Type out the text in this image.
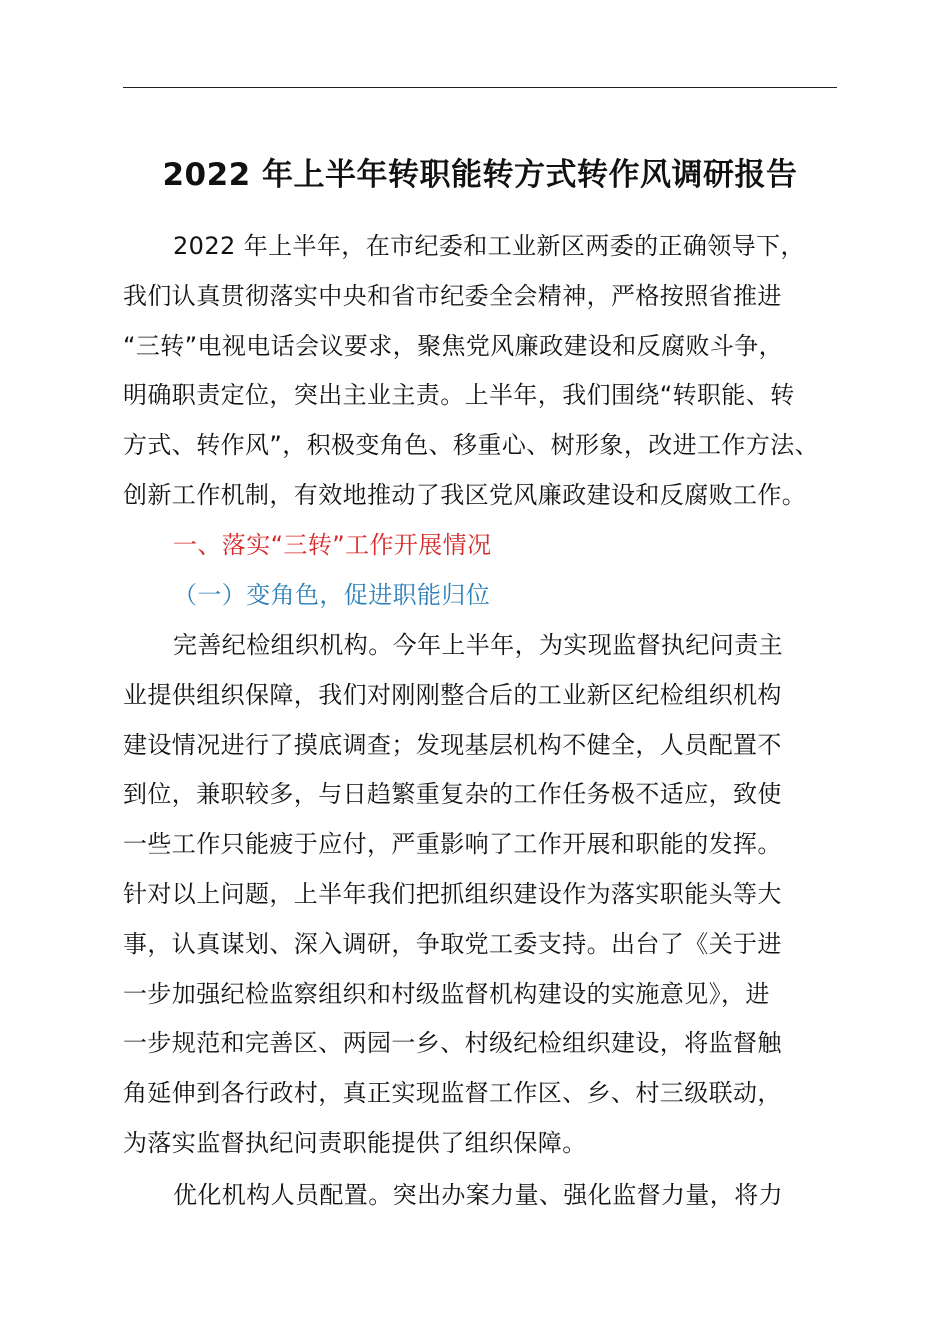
2022 年上半年转职能转方式转作风调研报告
2022 年上半年，在市纪委和工业新区两委的正确领导下，
我们认真贯彻落实中央和省市纪委全会精神，严格按照省推进
“三转”电视电话会议要求，聚焦党风廉政建设和反腐败斗争，
明确职责定位，突出主业主责。上半年，我们围绕“转职能、转
方式、转作风”，积极变角色、移重心、树形象，改进工作方法、
创新工作机制，有效地推动了我区党风廉政建设和反腐败工作。
一、落实“三转”工作开展情况
（一）变角色，促进职能归位
完善纪检组织机构。今年上半年，为实现监督执纪问责主
业提供组织保障，我们对刚刚整合后的工业新区纪检组织机构
建设情况进行了摸底调查；发现基层机构不健全，人员配置不
到位，兼职较多，与日趋繁重复杂的工作任务极不适应，致使
一些工作只能疲于应付，严重影响了工作开展和职能的发挥。
针对以上问题，上半年我们把抓组织建设作为落实职能头等大
事，认真谋划、深入调研，争取党工委支持。出台了《关于进
一步加强纪检监察组织和村级监督机构建设的实施意见》，进
一步规范和完善区、两园一乡、村级纪检组织建设，将监督触
角延伸到各行政村，真正实现监督工作区、乡、村三级联动，
为落实监督执纪问责职能提供了组织保障。
优化机构人员配置。突出办案力量、强化监督力量，将力
